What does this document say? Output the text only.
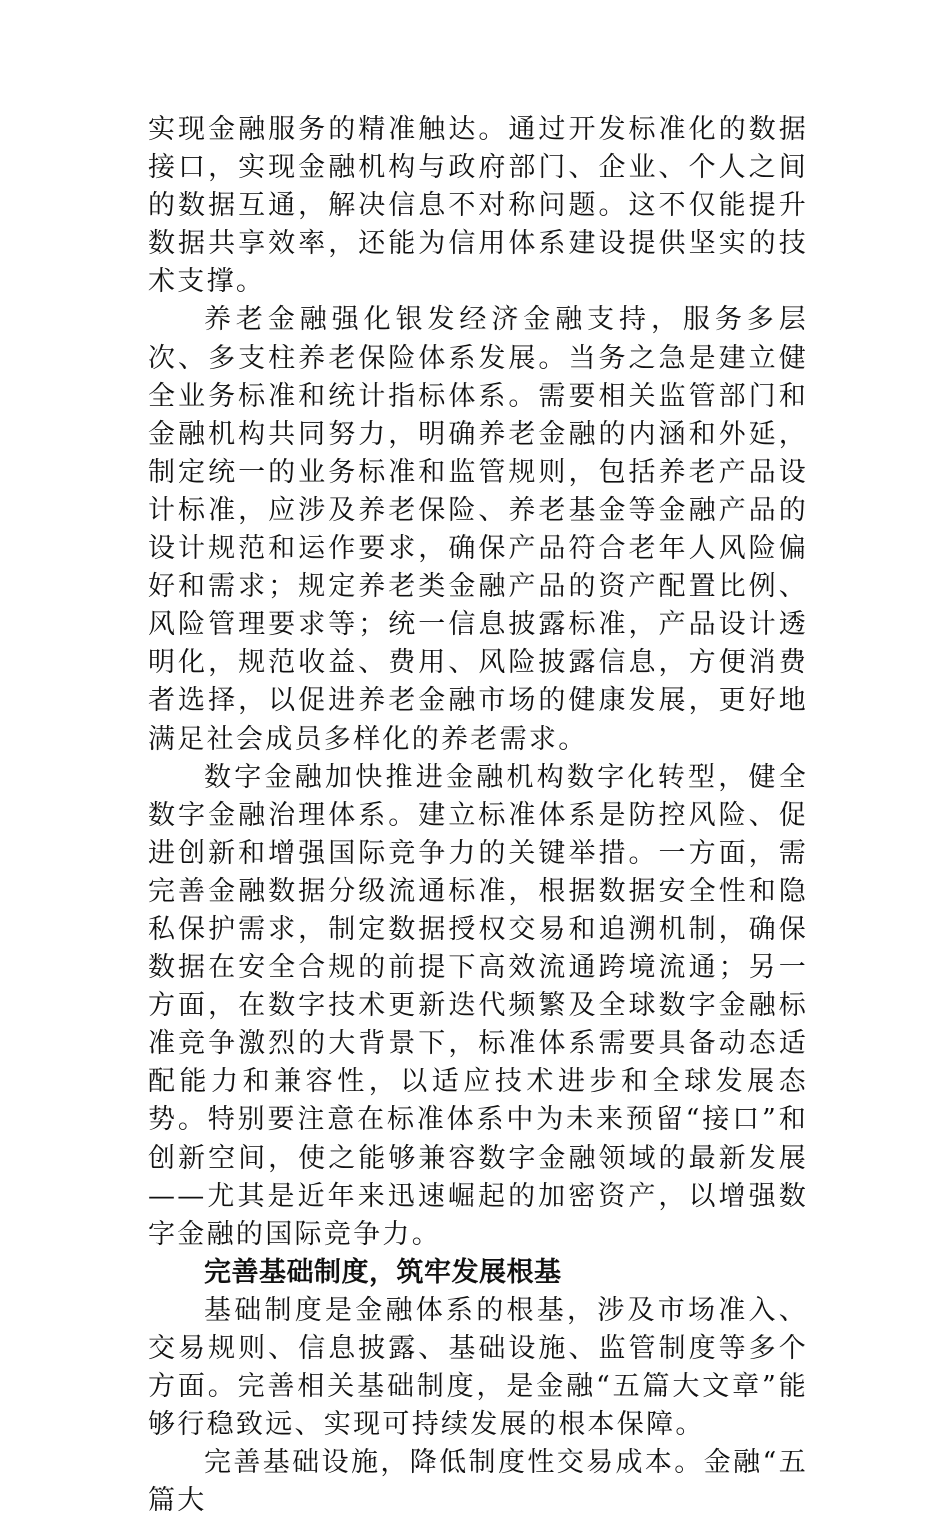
实现金融服务的精准触达。通过开发标准化的数据接口，实现金融机构与政府部门、企业、个人之间的数据互通，解决信息不对称问题。这不仅能提升数据共享效率，还能为信用体系建设提供坚实的技术支撑。

养老金融强化银发经济金融支持，服务多层次、多支柱养老保险体系发展。当务之急是建立健全业务标准和统计指标体系。需要相关监管部门和金融机构共同努力，明确养老金融的内涵和外延，制定统一的业务标准和监管规则，包括养老产品设计标准，应涉及养老保险、养老基金等金融产品的设计规范和运作要求，确保产品符合老年人风险偏好和需求；规定养老类金融产品的资产配置比例、风险管理要求等；统一信息披露标准，产品设计透明化，规范收益、费用、风险披露信息，方便消费者选择，以促进养老金融市场的健康发展，更好地满足社会成员多样化的养老需求。

数字金融加快推进金融机构数字化转型，健全数字金融治理体系。建立标准体系是防控风险、促进创新和增强国际竞争力的关键举措。一方面，需完善金融数据分级流通标准，根据数据安全性和隐私保护需求，制定数据授权交易和追溯机制，确保数据在安全合规的前提下高效流通跨境流通；另一方面，在数字技术更新迭代频繁及全球数字金融标准竞争激烈的大背景下，标准体系需要具备动态适配能力和兼容性，以适应技术进步和全球发展态势。特别要注意在标准体系中为未来预留“接口”和创新空间，使之能够兼容数字金融领域的最新发展——尤其是近年来迅速崛起的加密资产，以增强数字金融的国际竞争力。

完善基础制度，筑牢发展根基

基础制度是金融体系的根基，涉及市场准入、交易规则、信息披露、基础设施、监管制度等多个方面。完善相关基础制度，是金融“五篇大文章”能够行稳致远、实现可持续发展的根本保障。

完善基础设施，降低制度性交易成本。金融“五篇大
